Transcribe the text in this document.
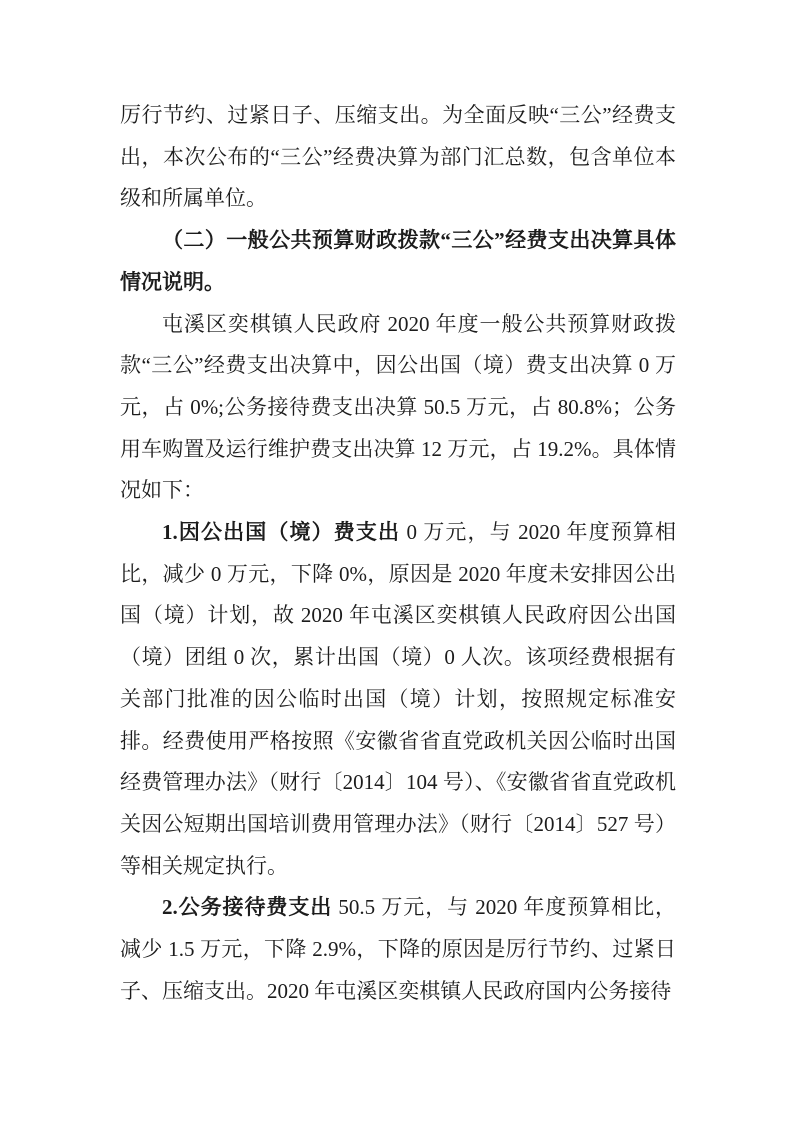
厉行节约、过紧日子、压缩支出。为全面反映“三公”经费支出，本次公布的“三公”经费决算为部门汇总数，包含单位本级和所属单位。

（二）一般公共预算财政拨款“三公”经费支出决算具体情况说明。

屯溪区奕棋镇人民政府 2020 年度一般公共预算财政拨款“三公”经费支出决算中，因公出国（境）费支出决算 0 万元，占 0%;公务接待费支出决算 50.5 万元，占 80.8%；公务用车购置及运行维护费支出决算 12 万元，占 19.2%。具体情况如下：

1.因公出国（境）费支出 0 万元，与 2020 年度预算相比，减少 0 万元，下降 0%，原因是 2020 年度未安排因公出国（境）计划，故 2020 年屯溪区奕棋镇人民政府因公出国（境）团组 0 次，累计出国（境）0 人次。该项经费根据有关部门批准的因公临时出国（境）计划，按照规定标准安排。经费使用严格按照《安徽省省直党政机关因公临时出国经费管理办法》（财行〔2014〕104 号）、《安徽省省直党政机关因公短期出国培训费用管理办法》（财行〔2014〕527 号）等相关规定执行。

2.公务接待费支出 50.5 万元，与 2020 年度预算相比，减少 1.5 万元，下降 2.9%，下降的原因是厉行节约、过紧日子、压缩支出。2020 年屯溪区奕棋镇人民政府国内公务接待
